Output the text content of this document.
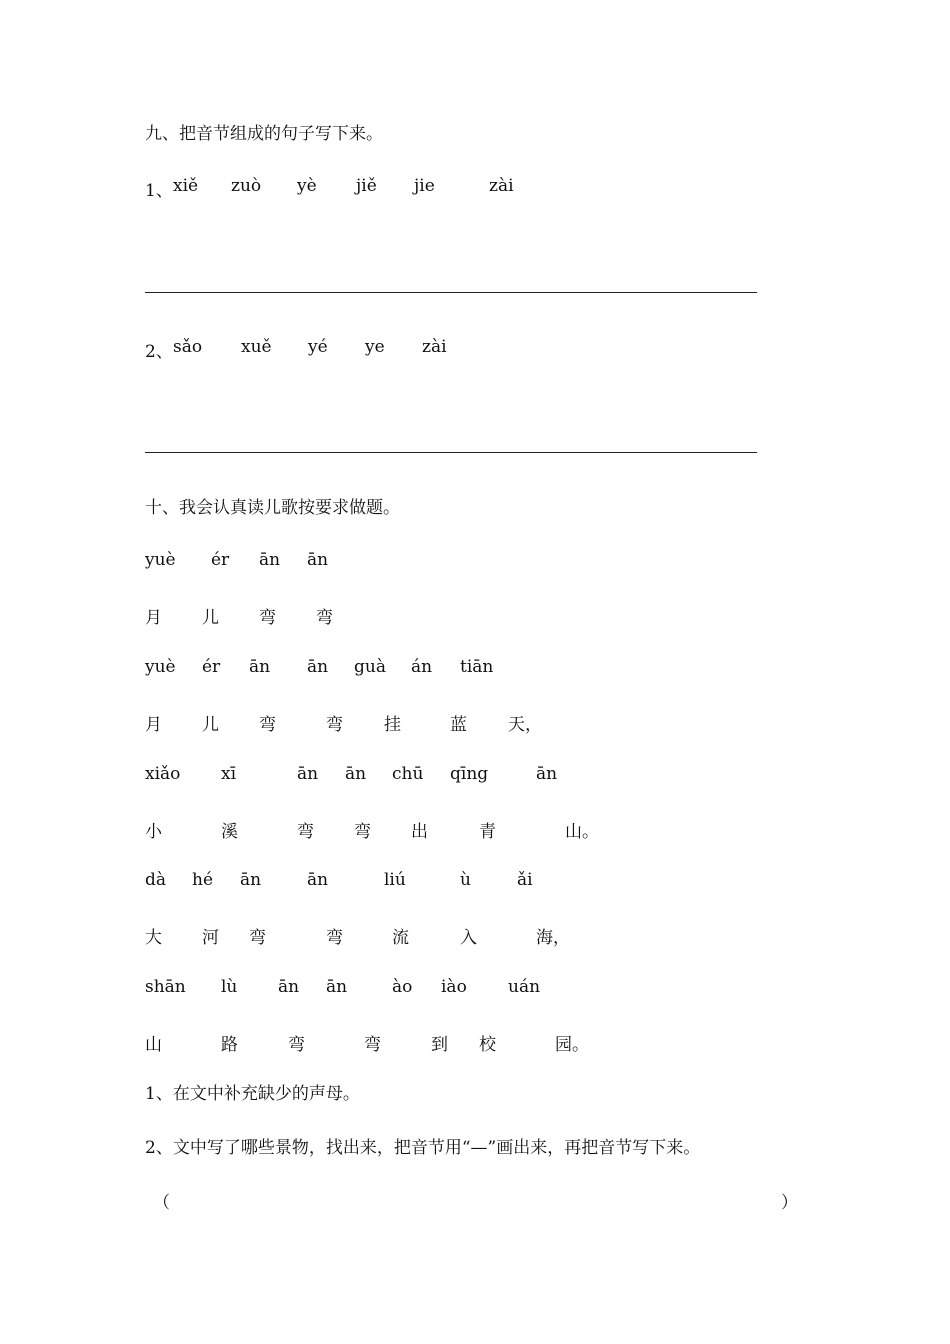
九、把音节组成的句子写下来。
1、 xiě zuò yè jiě jie	zài
2、 sǎo xuě yé ye zài
十、我会认真读儿歌按要求做题。
yuè ér ān ān
月 儿 弯 弯
yuè ér ān ān guà án tiān
月 儿 弯	弯 挂	蓝 天，
xiǎo xī	ān ān chū qīng	ān
小	溪	弯 弯 出	青	山。
dà hé ān	ān	liú	ù	ǎi
大 河 弯	弯	流	入	海，
shān lù ān ān	ào iào uán
山	路	弯	弯	到 校	园。
1、在文中补充缺少的声母。
2、文中写了哪些景物，找出来，把音节用“—”画出来，再把音节写下来。
（	）
